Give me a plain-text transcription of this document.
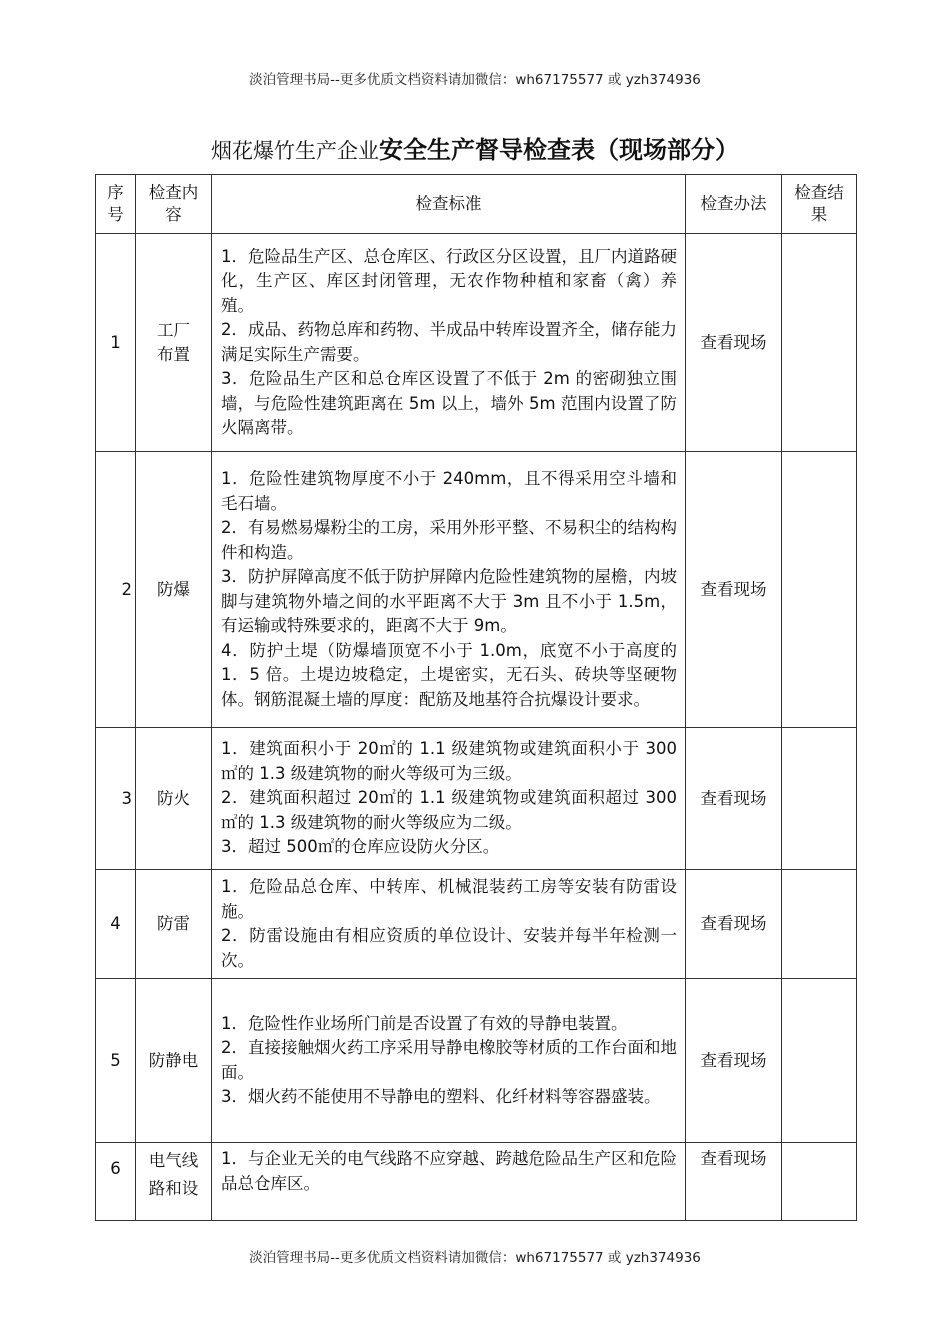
淡泊管理书局--更多优质文档资料请加微信：wh67175577 或 yzh374936
烟花爆竹生产企业安全生产督导检查表（现场部分）
序号	检查内容	检查标准	检查办法	检查结果
1	工厂布置	1．危险品生产区、总仓库区、行政区分区设置，且厂内道路硬化，生产区、库区封闭管理，无农作物种植和家畜（禽）养殖。

2．成品、药物总库和药物、半成品中转库设置齐全，储存能力满足实际生产需要。

3．危险品生产区和总仓库区设置了不低于 2m 的密砌独立围墙，与危险性建筑距离在 5m 以上，墙外 5m 范围内设置了防火隔离带。	查看现场	
2	防爆	1．危险性建筑物厚度不小于 240mm，且不得采用空斗墙和毛石墙。

2．有易燃易爆粉尘的工房，采用外形平整、不易积尘的结构构件和构造。

3．防护屏障高度不低于防护屏障内危险性建筑物的屋檐，内坡脚与建筑物外墙之间的水平距离不大于 3m 且不小于 1.5m，有运输或特殊要求的，距离不大于 9m。

4．防护土堤（防爆墙顶宽不小于 1.0m，底宽不小于高度的 1．5 倍。土堤边坡稳定，土堤密实，无石头、砖块等坚硬物体。钢筋混凝土墙的厚度：配筋及地基符合抗爆设计要求。	查看现场	
3	防火	1．建筑面积小于 20㎡的 1.1 级建筑物或建筑面积小于 300㎡的 1.3 级建筑物的耐火等级可为三级。

2．建筑面积超过 20㎡的 1.1 级建筑物或建筑面积超过 300㎡的 1.3 级建筑物的耐火等级应为二级。

3．超过 500㎡的仓库应设防火分区。	查看现场	
4	防雷	1．危险品总仓库、中转库、机械混装药工房等安装有防雷设施。

2．防雷设施由有相应资质的单位设计、安装并每半年检测一次。	查看现场	
5	防静电	1．危险性作业场所门前是否设置了有效的导静电装置。

2．直接接触烟火药工序采用导静电橡胶等材质的工作台面和地面。

3．烟火药不能使用不导静电的塑料、化纤材料等容器盛装。	查看现场	
6	电气线路和设	1．与企业无关的电气线路不应穿越、跨越危险品生产区和危险品总仓库区。	查看现场	
淡泊管理书局--更多优质文档资料请加微信：wh67175577 或 yzh374936
